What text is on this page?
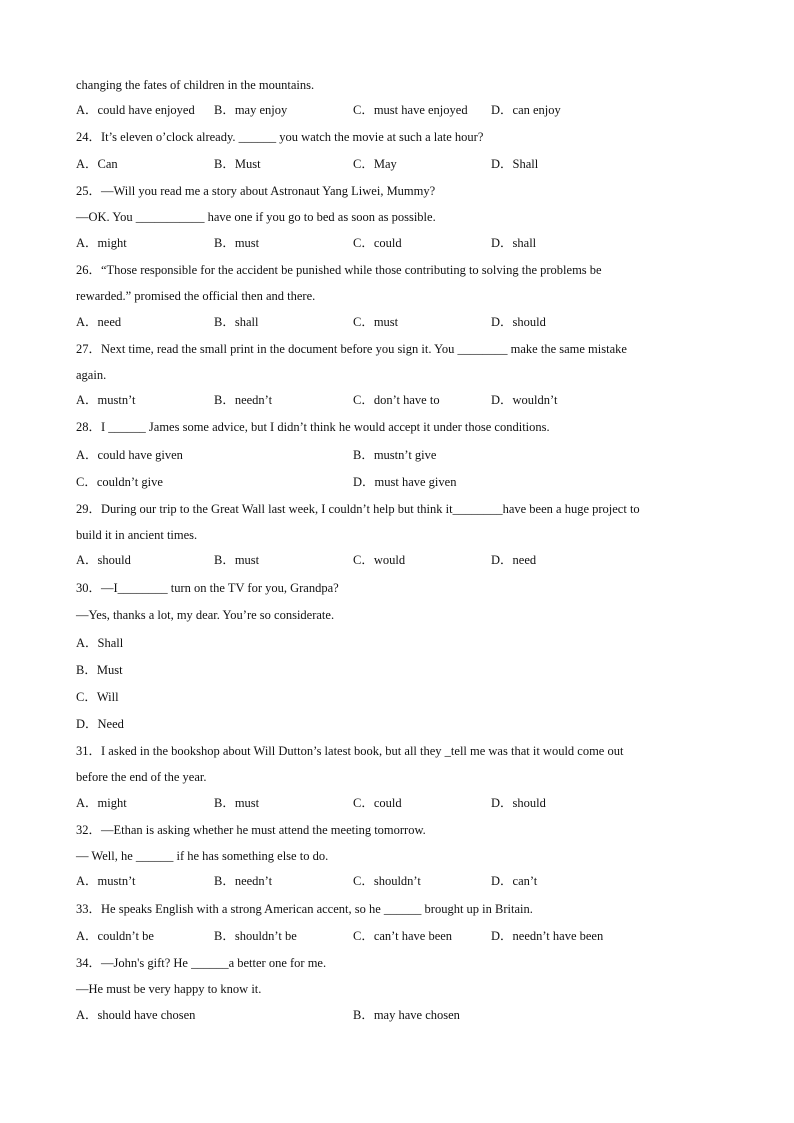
changing the fates of children in the mountains.
A．could have enjoyed B．may enjoy	C．must have enjoyed D．can enjoy
24．It’s eleven o’clock already. ______ you watch the movie at such a late hour?
A．Can	B．Must	C．May	D．Shall
25．—Will you read me a story about Astronaut Yang Liwei, Mummy?
—OK. You ___________ have one if you go to bed as soon as possible.
A．might	B．must	C．could	D．shall
26．“Those responsible for the accident be punished while those contributing to solving the problems be
rewarded.” promised the official then and there.
A．need	B．shall	C．must	D．should
27．Next time, read the small print in the document before you sign it. You ________ make the same mistake
again.
A．mustn’t	B．needn’t	C．don’t have to	D．wouldn’t
28．I ______ James some advice, but I didn’t think he would accept it under those conditions.
A．could have given	B．mustn’t give
C．couldn’t give	D．must have given
29．During our trip to the Great Wall last week, I couldn’t help but think it________have been a huge project to
build it in ancient times.
A．should	B．must	C．would	D．need
30．—I________ turn on the TV for you, Grandpa?
—Yes, thanks a lot, my dear. You’re so considerate.
A．Shall
B．Must
C．Will
D．Need
31．I asked in the bookshop about Will Dutton’s latest book, but all they _tell me was that it would come out
before the end of the year.
A．might	B．must	C．could	D．should
32．—Ethan is asking whether he must attend the meeting tomorrow.
— Well, he ______ if he has something else to do.
A．mustn’t	B．needn’t	C．shouldn’t	D．can’t
33．He speaks English with a strong American accent, so he ______ brought up in Britain.
A．couldn’t be	B．shouldn’t be	C．can’t have been	D．needn’t have been
34．—John's gift? He ______a better one for me.
—He must be very happy to know it.
A．should have chosen	B．may have chosen
